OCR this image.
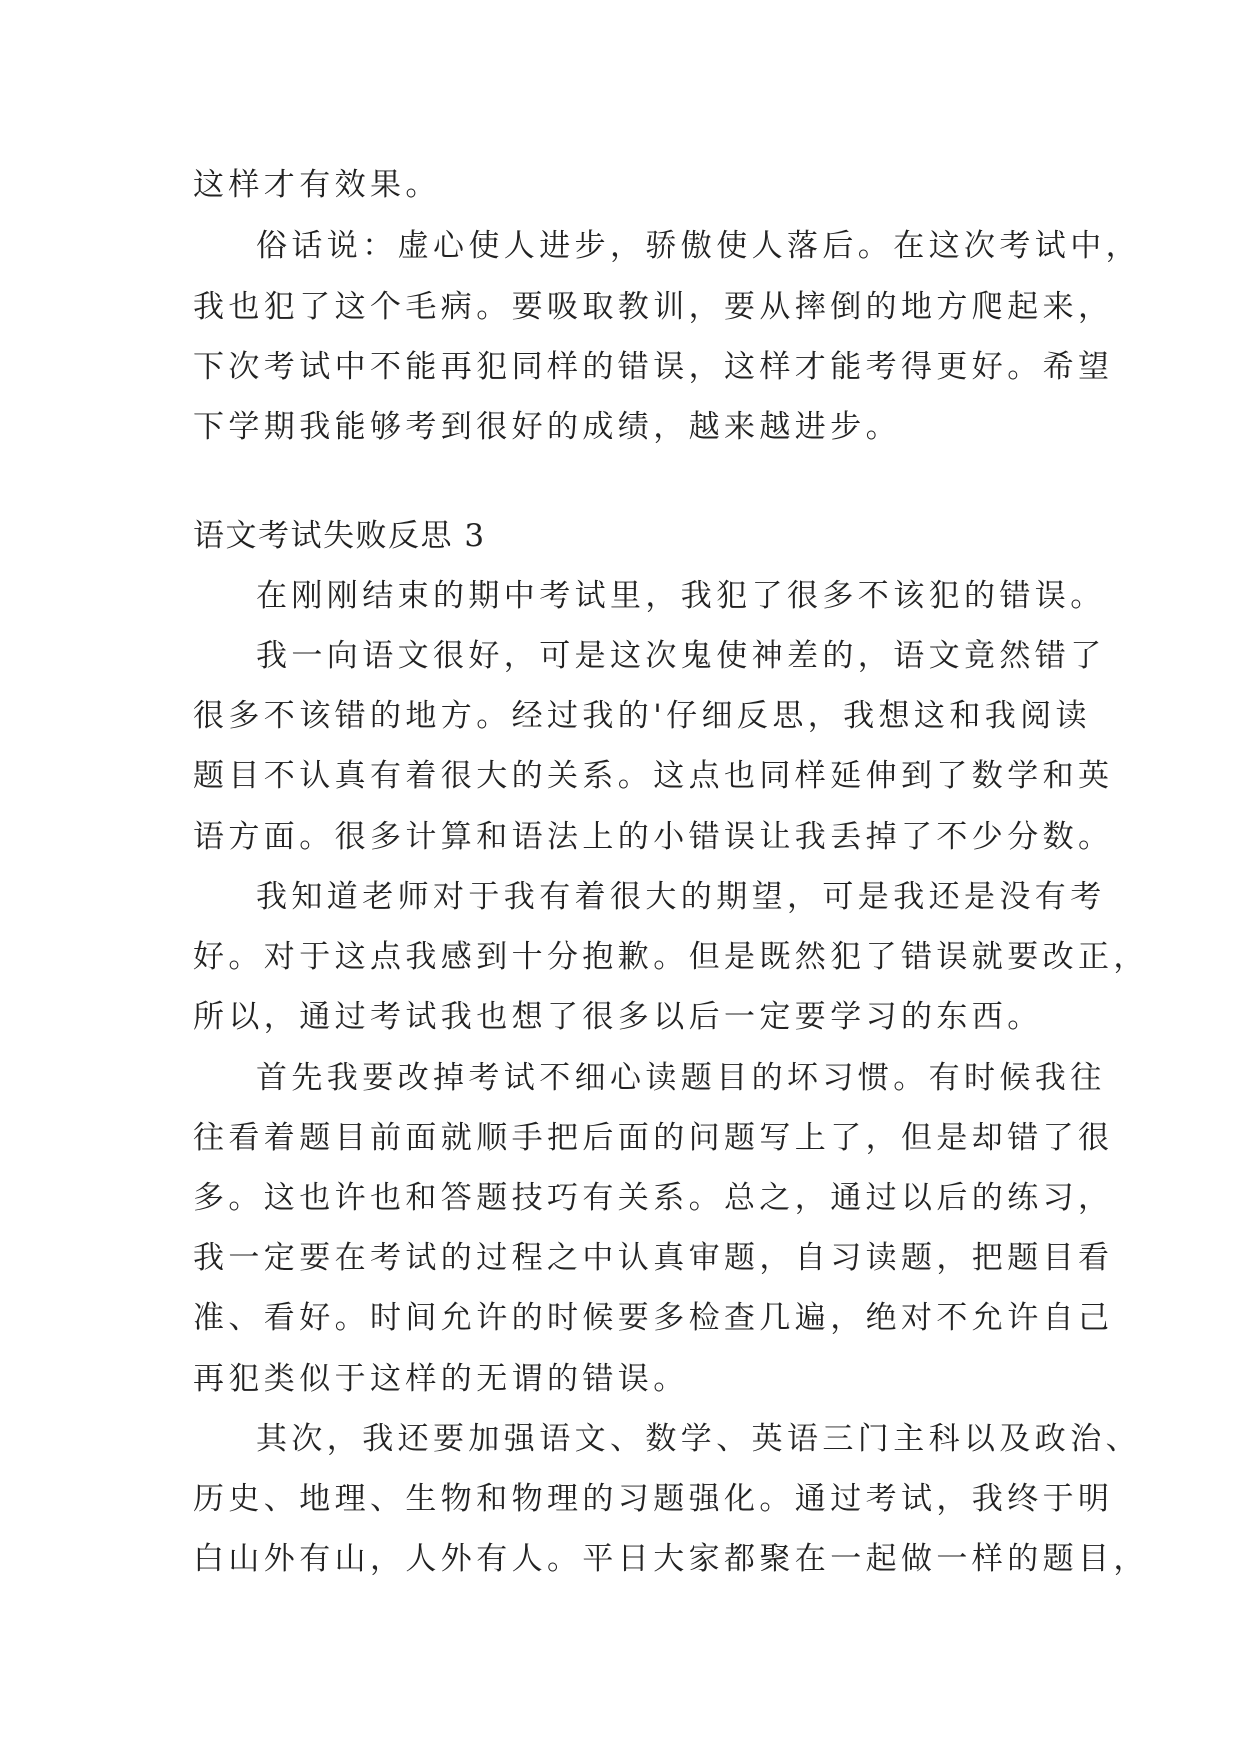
这样才有效果。
俗话说：虚心使人进步，骄傲使人落后。在这次考试中，
我也犯了这个毛病。要吸取教训，要从摔倒的地方爬起来，
下次考试中不能再犯同样的错误，这样才能考得更好。希望
下学期我能够考到很好的成绩，越来越进步。
语文考试失败反思 3
在刚刚结束的期中考试里，我犯了很多不该犯的错误。
我一向语文很好，可是这次鬼使神差的，语文竟然错了
很多不该错的地方。经过我的'仔细反思，我想这和我阅读
题目不认真有着很大的关系。这点也同样延伸到了数学和英
语方面。很多计算和语法上的小错误让我丢掉了不少分数。
我知道老师对于我有着很大的期望，可是我还是没有考
好。对于这点我感到十分抱歉。但是既然犯了错误就要改正，
所以，通过考试我也想了很多以后一定要学习的东西。
首先我要改掉考试不细心读题目的坏习惯。有时候我往
往看着题目前面就顺手把后面的问题写上了，但是却错了很
多。这也许也和答题技巧有关系。总之，通过以后的练习，
我一定要在考试的过程之中认真审题，自习读题，把题目看
准、看好。时间允许的时候要多检查几遍，绝对不允许自己
再犯类似于这样的无谓的错误。
其次，我还要加强语文、数学、英语三门主科以及政治、
历史、地理、生物和物理的习题强化。通过考试，我终于明
白山外有山，人外有人。平日大家都聚在一起做一样的题目，
